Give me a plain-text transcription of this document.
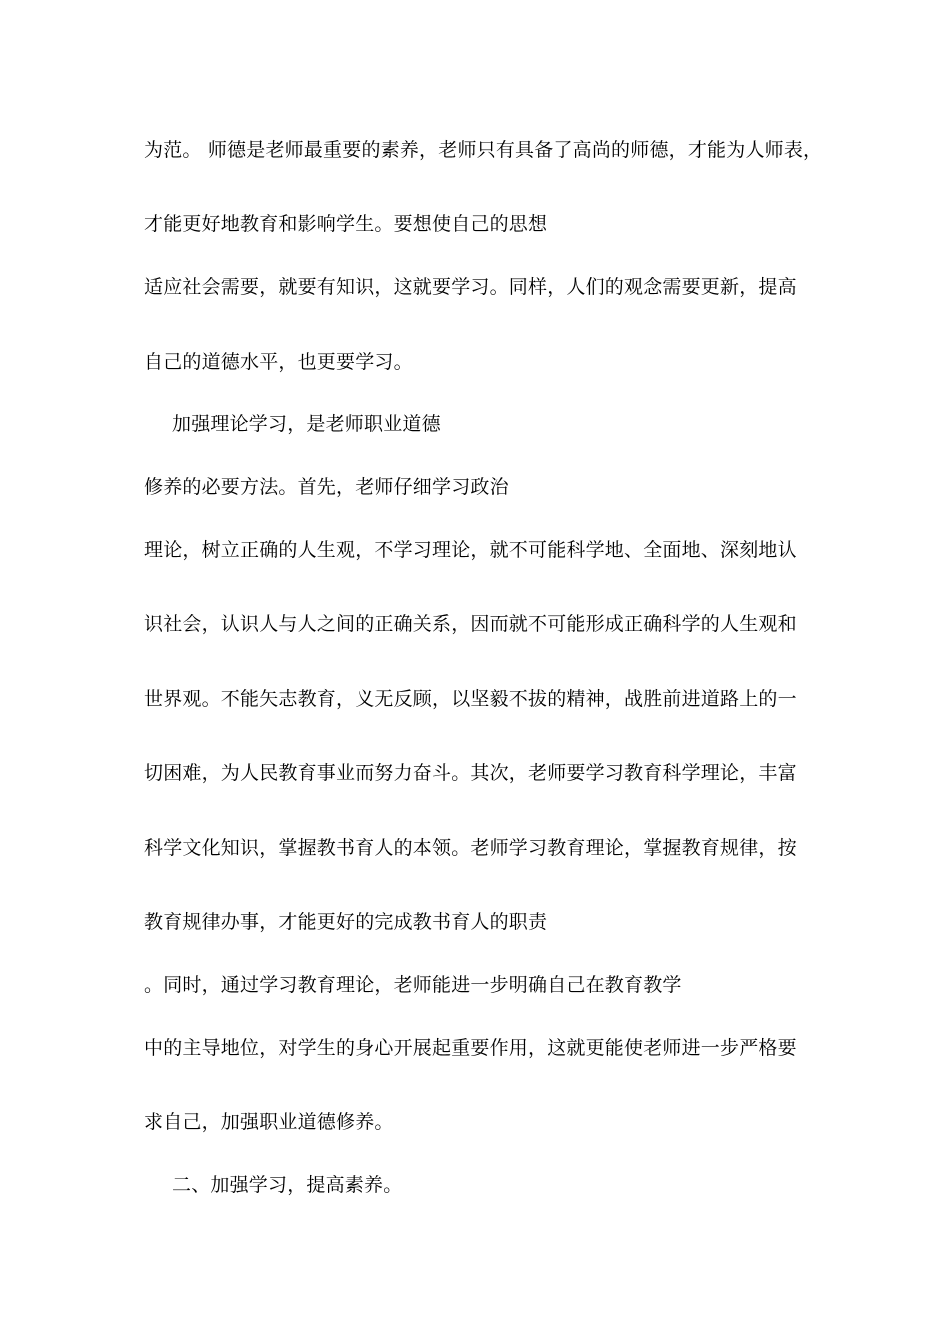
为范。 师德是老师最重要的素养，老师只有具备了高尚的师德，才能为人师表，
才能更好地教育和影响学生。要想使自己的思想
适应社会需要，就要有知识，这就要学习。同样，人们的观念需要更新，提高
自己的道德水平，也更要学习。
加强理论学习，是老师职业道德
修养的必要方法。首先，老师仔细学习政治
理论，树立正确的人生观，不学习理论，就不可能科学地、全面地、深刻地认
识社会，认识人与人之间的正确关系，因而就不可能形成正确科学的人生观和
世界观。不能矢志教育，义无反顾，以坚毅不拔的精神，战胜前进道路上的一
切困难，为人民教育事业而努力奋斗。其次，老师要学习教育科学理论，丰富
科学文化知识，掌握教书育人的本领。老师学习教育理论，掌握教育规律，按
教育规律办事，才能更好的完成教书育人的职责
。同时，通过学习教育理论，老师能进一步明确自己在教育教学
中的主导地位，对学生的身心开展起重要作用，这就更能使老师进一步严格要
求自己，加强职业道德修养。
二、加强学习，提高素养。
